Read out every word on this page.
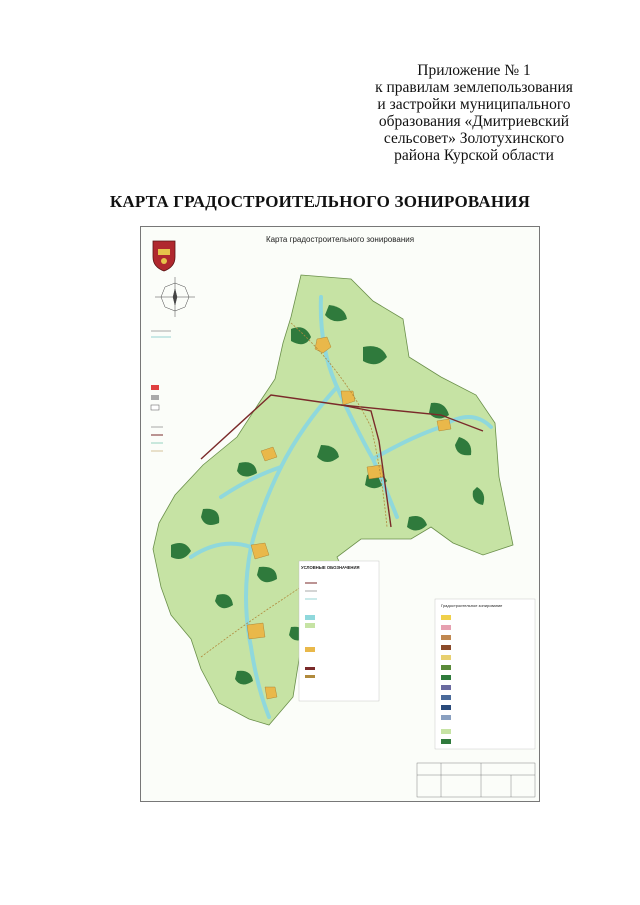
Приложение № 1
к правилам землепользования
и застройки муниципального
образования «Дмитриевский
сельсовет» Золотухинского
района Курской области
КАРТА ГРАДОСТРОИТЕЛЬНОГО ЗОНИРОВАНИЯ
Карта градостроительного зонирования
УСЛОВНЫЕ ОБОЗНАЧЕНИЯ
Градостроительное зонирование
